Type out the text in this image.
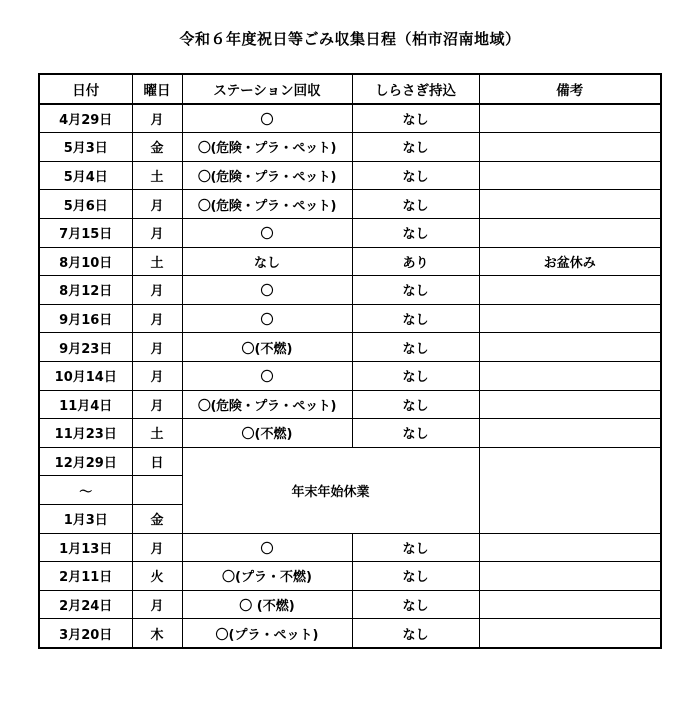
令和６年度祝日等ごみ収集日程（柏市沼南地域）
日付	曜日	ステーション回収	しらさぎ持込	備考
4月29日	月	〇	なし	
5月3日	金	〇(危険・プラ・ペット)	なし	
5月4日	土	〇(危険・プラ・ペット)	なし	
5月6日	月	〇(危険・プラ・ペット)	なし	
7月15日	月	〇	なし	
8月10日	土	なし	あり	お盆休み
8月12日	月	〇	なし	
9月16日	月	〇	なし	
9月23日	月	〇(不燃)	なし	
10月14日	月	〇	なし	
11月4日	月	〇(危険・プラ・ペット)	なし	
11月23日	土	〇(不燃)	なし	
12月29日	日	年末年始休業		
～				
1月3日	金			
1月13日	月	〇	なし	
2月11日	火	〇(プラ・不燃)	なし	
2月24日	月	〇 (不燃)	なし	
3月20日	木	〇(プラ・ペット)	なし	
